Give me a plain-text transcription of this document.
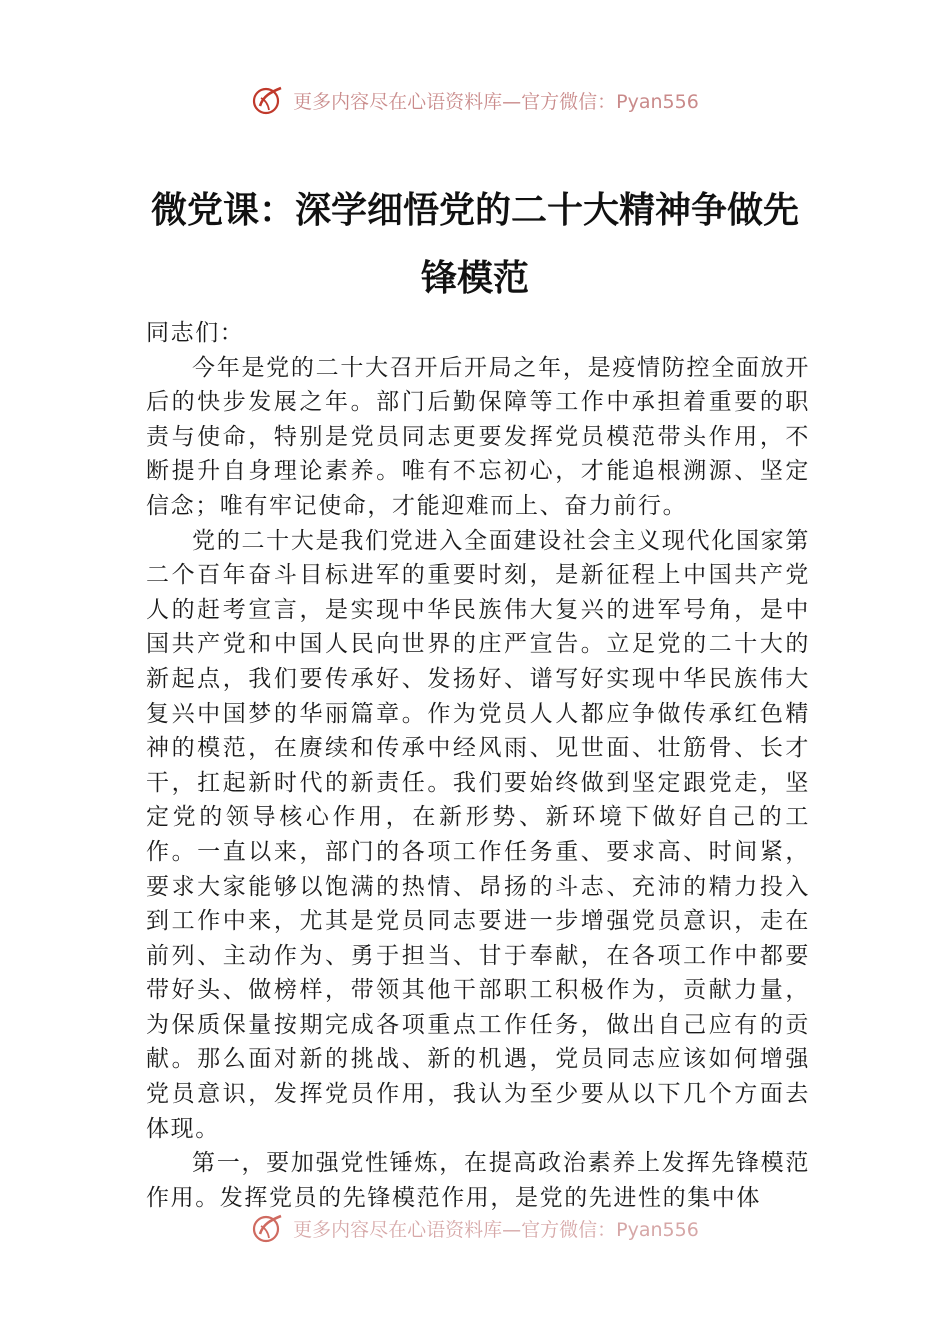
更多内容尽在心语资料库—官方微信：Pyan556
微党课：深学细悟党的二十大精神争做先
锋模范

同志们：

今年是党的二十大召开后开局之年，是疫情防控全面放开后的快步发展之年。部门后勤保障等工作中承担着重要的职责与使命，特别是党员同志更要发挥党员模范带头作用，不断提升自身理论素养。唯有不忘初心，才能追根溯源、坚定信念；唯有牢记使命，才能迎难而上、奋力前行。

党的二十大是我们党进入全面建设社会主义现代化国家第二个百年奋斗目标进军的重要时刻，是新征程上中国共产党人的赶考宣言，是实现中华民族伟大复兴的进军号角，是中国共产党和中国人民向世界的庄严宣告。立足党的二十大的新起点，我们要传承好、发扬好、谱写好实现中华民族伟大复兴中国梦的华丽篇章。作为党员人人都应争做传承红色精神的模范，在赓续和传承中经风雨、见世面、壮筋骨、长才干，扛起新时代的新责任。我们要始终做到坚定跟党走，坚定党的领导核心作用，在新形势、新环境下做好自己的工作。一直以来，部门的各项工作任务重、要求高、时间紧，要求大家能够以饱满的热情、昂扬的斗志、充沛的精力投入到工作中来，尤其是党员同志要进一步增强党员意识，走在前列、主动作为、勇于担当、甘于奉献，在各项工作中都要带好头、做榜样，带领其他干部职工积极作为，贡献力量，为保质保量按期完成各项重点工作任务，做出自己应有的贡献。那么面对新的挑战、新的机遇，党员同志应该如何增强党员意识，发挥党员作用，我认为至少要从以下几个方面去体现。

第一，要加强党性锤炼，在提高政治素养上发挥先锋模范作用。发挥党员的先锋模范作用，是党的先进性的集中体

更多内容尽在心语资料库—官方微信：Pyan556
